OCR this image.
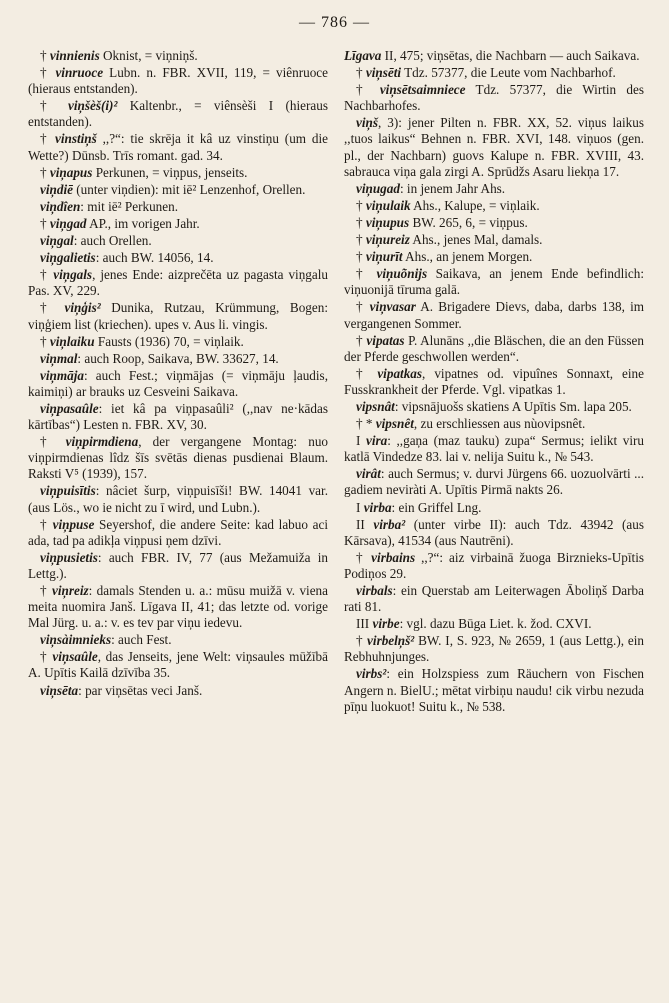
— 786 —

† vinnienis Oknist, = viņniņš.

† vinruoce Lubn. n. FBR. XVII, 119, = viênruoce (hieraus entstanden).

† viņšèš(i)² Kaltenbr., = viênsèši I (hieraus entstanden).

† vinstiņš ,,?“: tie skrēja it kâ uz vinstiņu (um die Wette?) Dūnsb. Trīs romant. gad. 34.

† viņapus Perkunen, = viņpus, jenseits.

viņdiē (unter viņdien): mit iē² Lenzenhof, Orellen.

viņdîen: mit iē² Perkunen.

† viņgad AP., im vorigen Jahr.

viņgal: auch Orellen.

viņgalietis: auch BW. 14056, 14.

† viņgals, jenes Ende: aizprečēta uz pagasta viņgalu Pas. XV, 229.

† viņģis² Dunika, Rutzau, Krümmung, Bogen: viņģiem list (kriechen). upes v. Aus li. vingis.

† viņlaiku Fausts (1936) 70, = viņlaik.

viņmal: auch Roop, Saikava, BW. 33627, 14.

viņmāja: auch Fest.; viņmājas (= viņmāju ļaudis, kaimiņi) ar brauks uz Cesveini Saikava.

viņpasaûle: iet kâ pa viņpasaûli² (,,nav ne·kādas kārtības“) Lesten n. FBR. XV, 30.

† viņpirmdiena, der vergangene Montag: nuo viņpirmdienas lîdz šīs svētās dienas pusdienai Blaum. Raksti V⁵ (1939), 157.

viņpuisītis: nâciet šurp, viņpuisīši! BW. 14041 var. (aus Lös., wo ie nicht zu ī wird, und Lubn.).

† viņpuse Seyershof, die andere Seite: kad labuo aci ada, tad pa adikļa viņpusi ņem dzīvi.

viņpusietis: auch FBR. IV, 77 (aus Mežamuiža in Lettg.).

† viņreiz: damals Stenden u. a.: mūsu muižā v. viena meita nuomira Janš. Līgava II, 41; das letzte od. vorige Mal Jürg. u. a.: v. es tev par viņu iedevu.

viņsàimnieks: auch Fest.

† viņsaûle, das Jenseits, jene Welt: viņsaules mūžībā A. Upītis Kailā dzīvība 35.

viņsēta: par viņsētas veci Janš.

Līgava II, 475; viņsētas, die Nachbarn — auch Saikava.

† viņsēti Tdz. 57377, die Leute vom Nachbarhof.

† viņsētsaimniece Tdz. 57377, die Wirtin des Nachbarhofes.

viņš, 3): jener Pilten n. FBR. XX, 52. viņus laikus ,,tuos laikus“ Behnen n. FBR. XVI, 148. viņuos (gen. pl., der Nachbarn) guovs Kalupe n. FBR. XVIII, 43. sabrauca viņa gala zirgi A. Sprūdžs Asaru liekņa 17.

viņugad: in jenem Jahr Ahs.

† viņulaik Ahs., Kalupe, = viņlaik.

† viņupus BW. 265, 6, = viņpus.

† viņureiz Ahs., jenes Mal, damals.

† viņurīt Ahs., an jenem Morgen.

† viņuõnijs Saikava, an jenem Ende befindlich: viņuonijā tīruma galā.

† viņvasar A. Brigadere Dievs, daba, darbs 138, im vergangenen Sommer.

† vipatas P. Alunāns ,,die Bläschen, die an den Füssen der Pferde geschwollen werden“.

† vipatkas, vipatnes od. vipuînes Sonnaxt, eine Fusskrankheit der Pferde. Vgl. vipatkas 1.

vipsnât: vipsnājuošs skatiens A Upītis Sm. lapa 205.

† * vipsnêt, zu erschliessen aus nùovipsnêt.

I vira: ,,gaņa (maz tauku) zupa“ Sermus; ielikt viru katlā Vindedze 83. lai v. nelija Suitu k., № 543.

virât: auch Sermus; v. durvi Jürgens 66. uozuolvārti ... gadiem neviràti A. Upītis Pirmā nakts 26.

I virba: ein Griffel Lng.

II virba² (unter virbe II): auch Tdz. 43942 (aus Kārsava), 41534 (aus Nautrēni).

† virbains ,,?“: aiz virbainā žuoga Birznieks-Upītis Podiņos 29.

virbals: ein Querstab am Leiterwagen Āboliņš Darba rati 81.

III virbe: vgl. dazu Būga Liet. k. žod. CXVI.

† virbelņš² BW. I, S. 923, № 2659, 1 (aus Lettg.), ein Rebhuhnjunges.

virbs²: ein Holzspiess zum Räuchern von Fischen Angern n. BielU.; mētat virbiņu naudu! cik virbu nezuda pīņu luokuot! Suitu k., № 538.
